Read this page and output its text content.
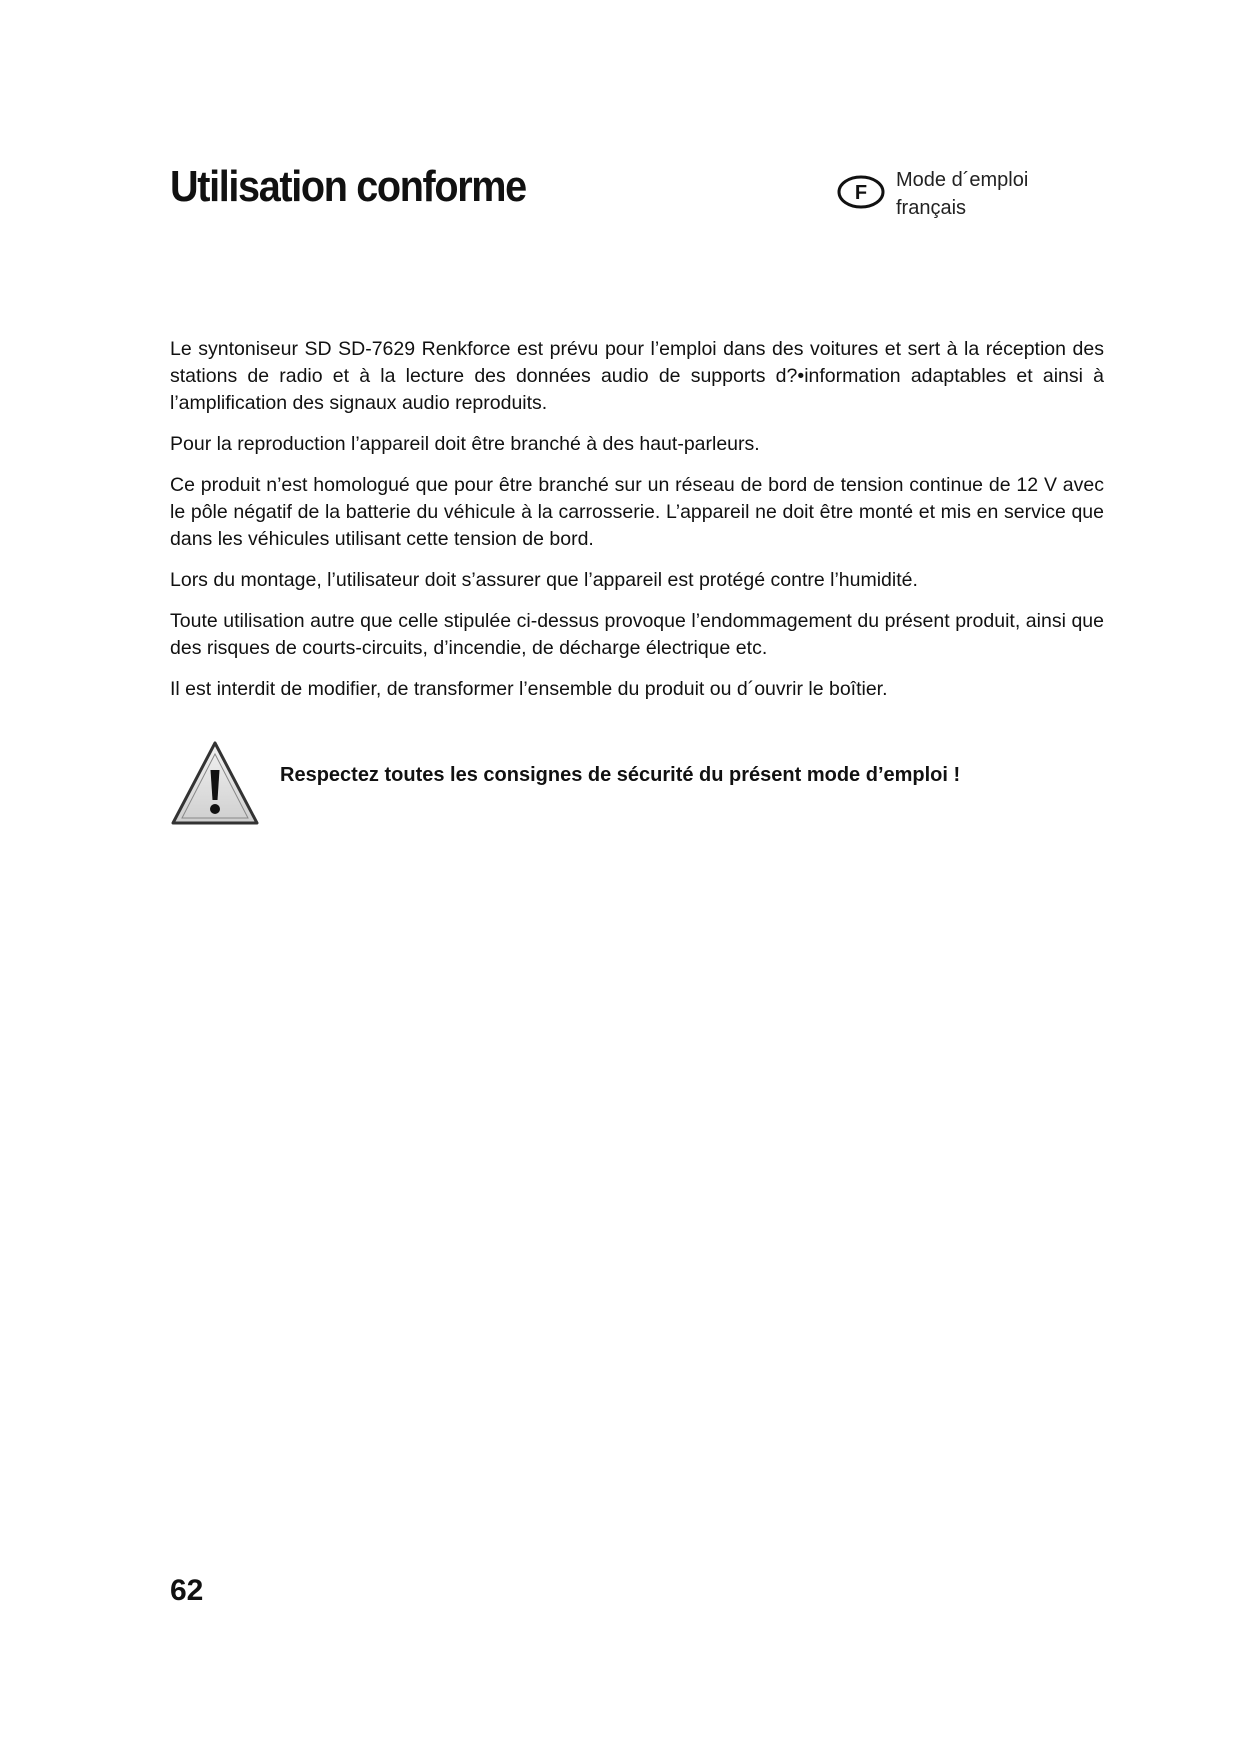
Utilisation conforme	F
Mode d´emploi
français

Le syntoniseur SD SD-7629 Renkforce est prévu pour l’emploi dans des voitures et sert à la réception des stations de radio et à la lecture des données audio de supports d?•information adaptables et ainsi à l’amplification des signaux audio reproduits.

Pour la reproduction l’appareil doit être branché à des haut-parleurs.

Ce produit n’est homologué que pour être branché sur un réseau de bord de tension continue de 12 V avec le pôle négatif de la batterie du véhicule à la carrosserie. L’appareil ne doit être monté et mis en service que dans les véhicules utilisant cette tension de bord.

Lors du montage, l’utilisateur doit s’assurer que l’appareil est protégé contre l’humidité.

Toute utilisation autre que celle stipulée ci-dessus provoque l’endommagement du présent produit, ainsi que des risques de courts-circuits, d’incendie, de décharge électrique etc.

Il est interdit de modifier, de transformer l’ensemble du produit ou d´ouvrir le boîtier.

Respectez toutes les consignes de sécurité du présent mode d’emploi !
62
